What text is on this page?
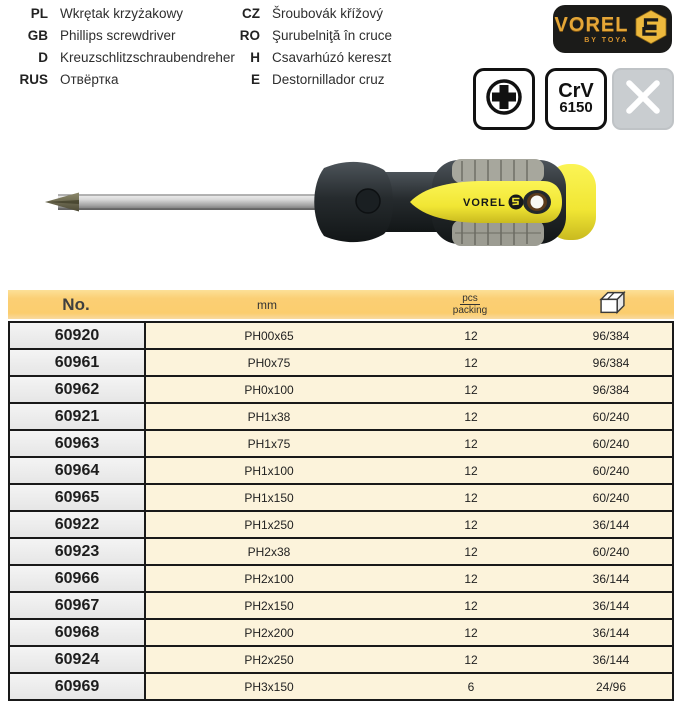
PL Wkrętak krzyżakowy
GB Phillips screwdriver
D Kreuzschlitzschraubendreher
RUS Отвёртка
CZ Šroubovák křížový
RO Şurubelniţă în cruce
H Csavarhúzó kereszt
E Destornillador cruz
VOREL
BY TOYA
CrV
6150
VOREL
No.	mm	pcs
packing
60920	PH00x65	12	96/384
60961	PH0x75	12	96/384
60962	PH0x100	12	96/384
60921	PH1x38	12	60/240
60963	PH1x75	12	60/240
60964	PH1x100	12	60/240
60965	PH1x150	12	60/240
60922	PH1x250	12	36/144
60923	PH2x38	12	60/240
60966	PH2x100	12	36/144
60967	PH2x150	12	36/144
60968	PH2x200	12	36/144
60924	PH2x250	12	36/144
60969	PH3x150	6	24/96
